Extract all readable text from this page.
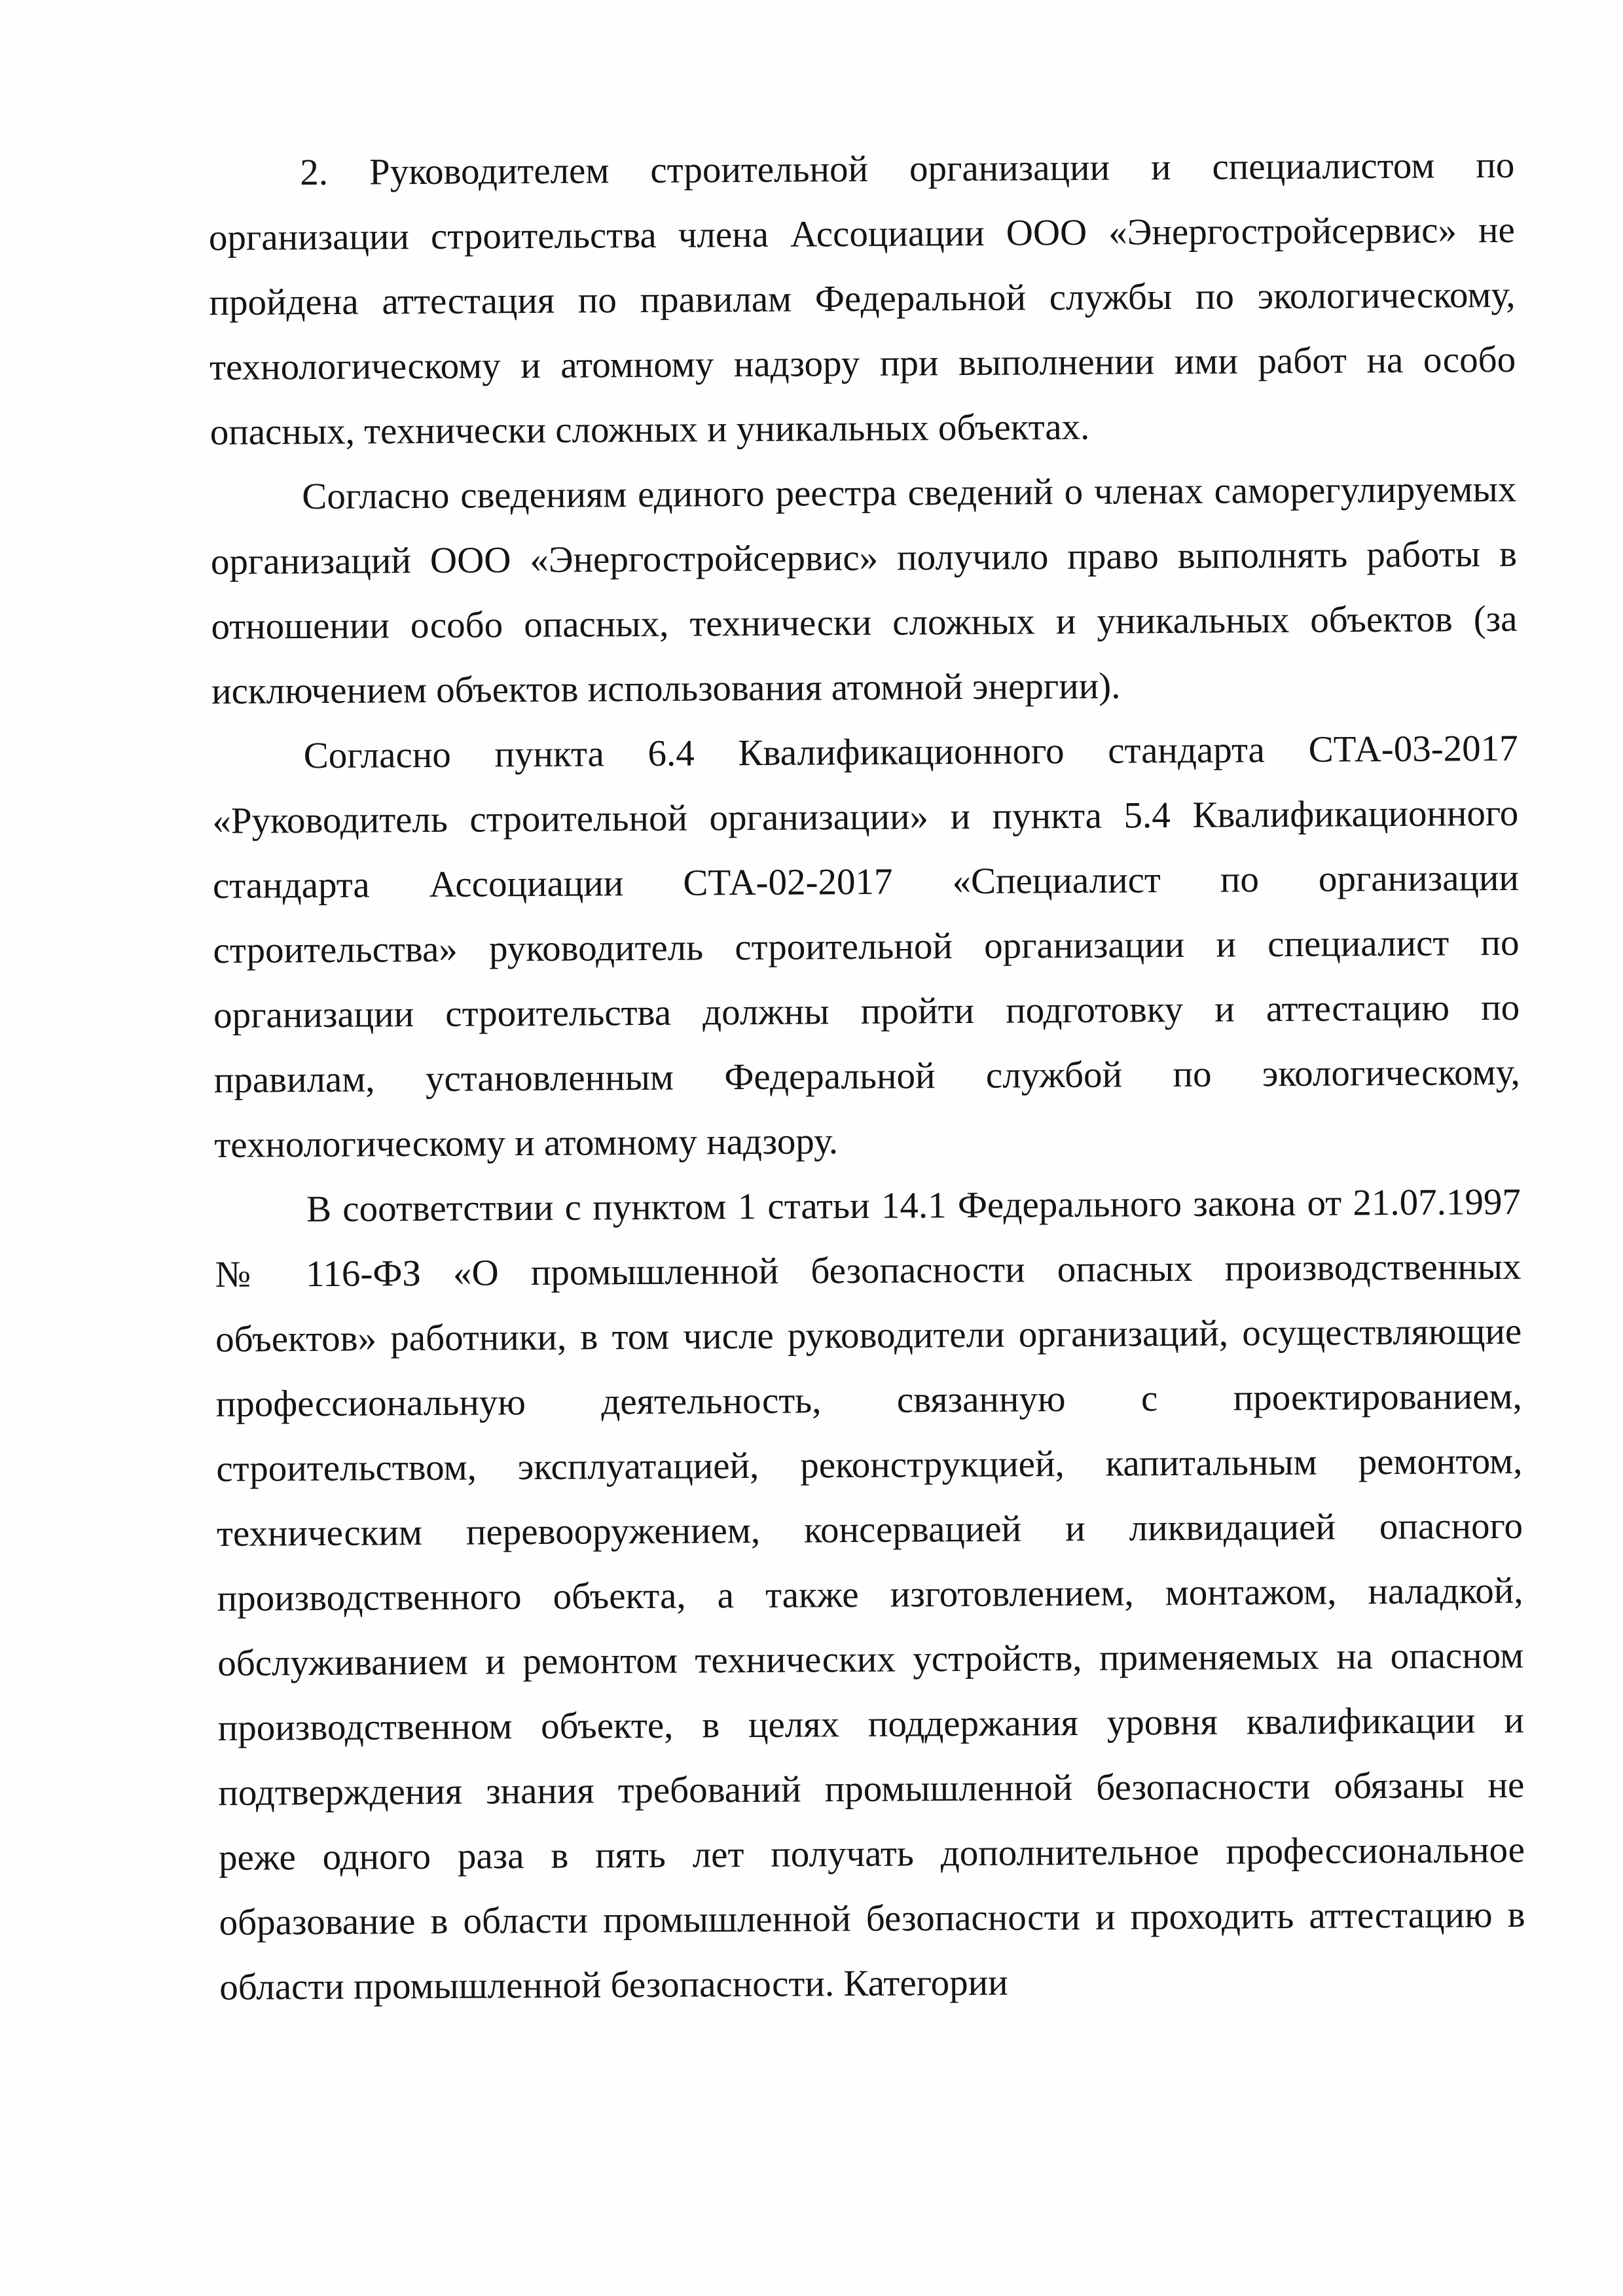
2. Руководителем строительной организации и специалистом по организации строительства члена Ассоциации ООО «Энергостройсервис» не пройдена аттестация по правилам Федеральной службы по экологическому, технологическому и атомному надзору при выполнении ими работ на особо опасных, технически сложных и уникальных объектах.

Согласно сведениям единого реестра сведений о членах саморегулируемых организаций ООО «Энергостройсервис» получило право выполнять работы в отношении особо опасных, технически сложных и уникальных объектов (за исключением объектов использования атомной энергии).

Согласно пункта 6.4 Квалификационного стандарта СТА-03-2017 «Руководитель строительной организации» и пункта 5.4 Квалификационного стандарта Ассоциации СТА-02-2017 «Специалист по организации строительства» руководитель строительной организации и специалист по организации строительства должны пройти подготовку и аттестацию по правилам, установленным Федеральной службой по экологическому, технологическому и атомному надзору.

В соответствии с пунктом 1 статьи 14.1 Федерального закона от 21.07.1997 № 116-ФЗ «О промышленной безопасности опасных производственных объектов» работники, в том числе руководители организаций, осуществляющие профессиональную деятельность, связанную с проектированием, строительством, эксплуатацией, реконструкцией, капитальным ремонтом, техническим перевооружением, консервацией и ликвидацией опасного производственного объекта, а также изготовлением, монтажом, наладкой, обслуживанием и ремонтом технических устройств, применяемых на опасном производственном объекте, в целях поддержания уровня квалификации и подтверждения знания требований промышленной безопасности обязаны не реже одного раза в пять лет получать дополнительное профессиональное образование в области промышленной безопасности и проходить аттестацию в области промышленной безопасности. Категории
